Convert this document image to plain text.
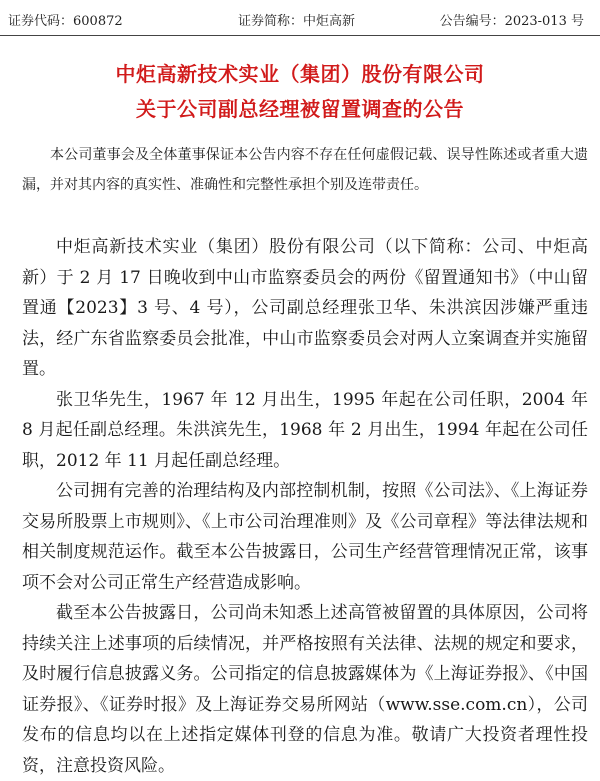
证券代码：600872	证券简称：中炬高新	公告编号：2023-013 号
中炬高新技术实业（集团）股份有限公司
关于公司副总经理被留置调查的公告
本公司董事会及全体董事保证本公告内容不存在任何虚假记载、误导性陈述或者重大遗漏，并对其内容的真实性、准确性和完整性承担个别及连带责任。

中炬高新技术实业（集团）股份有限公司（以下简称：公司、中炬高新）于 2 月 17 日晚收到中山市监察委员会的两份《留置通知书》（中山留置通【2023】3 号、4 号），公司副总经理张卫华、朱洪滨因涉嫌严重违法，经广东省监察委员会批准，中山市监察委员会对两人立案调查并实施留置。

张卫华先生，1967 年 12 月出生，1995 年起在公司任职，2004 年 8 月起任副总经理。朱洪滨先生，1968 年 2 月出生，1994 年起在公司任职，2012 年 11 月起任副总经理。

公司拥有完善的治理结构及内部控制机制，按照《公司法》、《上海证券交易所股票上市规则》、《上市公司治理准则》及《公司章程》等法律法规和相关制度规范运作。截至本公告披露日，公司生产经营管理情况正常，该事项不会对公司正常生产经营造成影响。

截至本公告披露日，公司尚未知悉上述高管被留置的具体原因，公司将持续关注上述事项的后续情况，并严格按照有关法律、法规的规定和要求，及时履行信息披露义务。公司指定的信息披露媒体为《上海证券报》、《中国证券报》、《证券时报》及上海证券交易所网站（www.sse.com.cn），公司发布的信息均以在上述指定媒体刊登的信息为准。敬请广大投资者理性投资，注意投资风险。
